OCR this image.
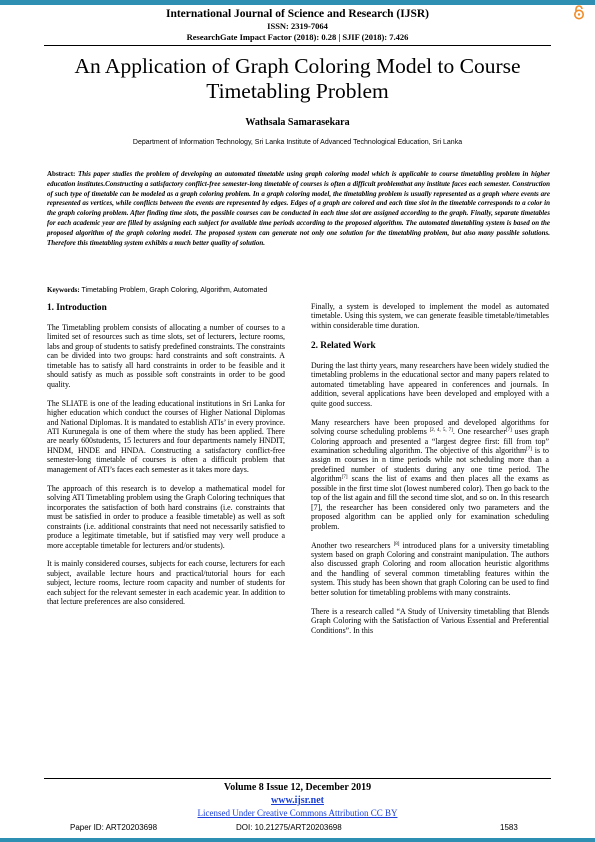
International Journal of Science and Research (IJSR)
ISSN: 2319-7064
ResearchGate Impact Factor (2018): 0.28 | SJIF (2018): 7.426
An Application of Graph Coloring Model to Course Timetabling Problem
Wathsala Samarasekara
Department of Information Technology, Sri Lanka Institute of Advanced Technological Education, Sri Lanka
Abstract: This paper studies the problem of developing an automated timetable using graph coloring model which is applicable to course timetabling problem in higher education institutes.Constructing a satisfactory conflict-free semester-long timetable of courses is often a difficult problemthat any institute faces each semester. Construction of such type of timetable can be modeled as a graph coloring problem. In a graph coloring model, the timetabling problem is usually represented as a graph where events are represented as vertices, while conflicts between the events are represented by edges. Edges of a graph are colored and each time slot in the timetable corresponds to a color in the graph coloring problem. After finding time slots, the possible courses can be conducted in each time slot are assigned according to the graph. Finally, separate timetables for each academic year are filled by assigning each subject for available time periods according to the proposed algorithm. The automated timetabling system is based on the proposed algorithm of the graph coloring model. The proposed system can generate not only one solution for the timetabling problem, but also many possible solutions. Therefore this timetabling system exhibits a much better quality of solution.
Keywords: Timetabling Problem, Graph Coloring, Algorithm, Automated
1. Introduction

The Timetabling problem consists of allocating a number of courses to a limited set of resources such as time slots, set of lecturers, lecture rooms, labs and group of students to satisfy predefined constraints. The constraints can be divided into two groups: hard constraints and soft constraints. A timetable has to satisfy all hard constraints in order to be feasible and it should satisfy as much as possible soft constraints in order to be good quality.

The SLIATE is one of the leading educational institutions in Sri Lanka for higher education which conduct the courses of Higher National Diplomas and National Diplomas. It is mandated to establish ATIs’ in every province. ATI Kurunegala is one of them where the study has been applied. There are nearly 600students, 15 lecturers and four departments namely HNDIT, HNDM, HNDE and HNDA. Constructing a satisfactory conflict-free semester-long timetable of courses is often a difficult problem that management of ATI’s faces each semester as it takes more days.

The approach of this research is to develop a mathematical model for solving ATI Timetabling problem using the Graph Coloring techniques that incorporates the satisfaction of both hard constrains (i.e. constraints that must be satisfied in order to produce a feasible timetable) as well as soft constraints (i.e. additional constraints that need not necessarily satisfied to produce a legitimate timetable, but if satisfied may very well produce a more acceptable timetable for lecturers and/or students).

It is mainly considered courses, subjects for each course, lecturers for each subject, available lecture hours and practical/tutorial hours for each subject, lecture rooms, lecture room capacity and number of students for each subject for the relevant semester in each academic year. In addition to that lecture preferences are also considered.

Finally, a system is developed to implement the model as automated timetable. Using this system, we can generate feasible timetable/timetables within considerable time duration.

2. Related Work

During the last thirty years, many researchers have been widely studied the timetabling problems in the educational sector and many papers related to automated timetabling have appeared in conferences and journals. In addition, several applications have been developed and employed with a quite good success.

Many researchers have been proposed and developed algorithms for solving course scheduling problems [2, 4, 5, 7]. One researcher[7] uses graph Coloring approach and presented a “largest degree first: fill from top” examination scheduling algorithm. The objective of this algorithm[7] is to assign m courses in n time periods while not scheduling more than a predefined number of students during any one time period. The algorithm[7] scans the list of exams and then places all the exams as possible in the first time slot (lowest numbered color). Then go back to the top of the list again and fill the second time slot, and so on. In this research [7], the researcher has been considered only two parameters and the proposed algorithm can be applied only for examination scheduling problem.

Another two researchers [8] introduced plans for a university timetabling system based on graph Coloring and constraint manipulation. The authors also discussed graph Coloring and room allocation heuristic algorithms and the handling of several common timetabling features within the system. This study has been shown that graph Coloring can be used to find better solution for timetabling problems with many constraints.

There is a research called “A Study of University timetabling that Blends Graph Coloring with the Satisfaction of Various Essential and Preferential Conditions”. In this

Volume 8 Issue 12, December 2019
www.ijsr.net
Licensed Under Creative Commons Attribution CC BY
Paper ID: ART20203698	DOI: 10.21275/ART20203698	1583
